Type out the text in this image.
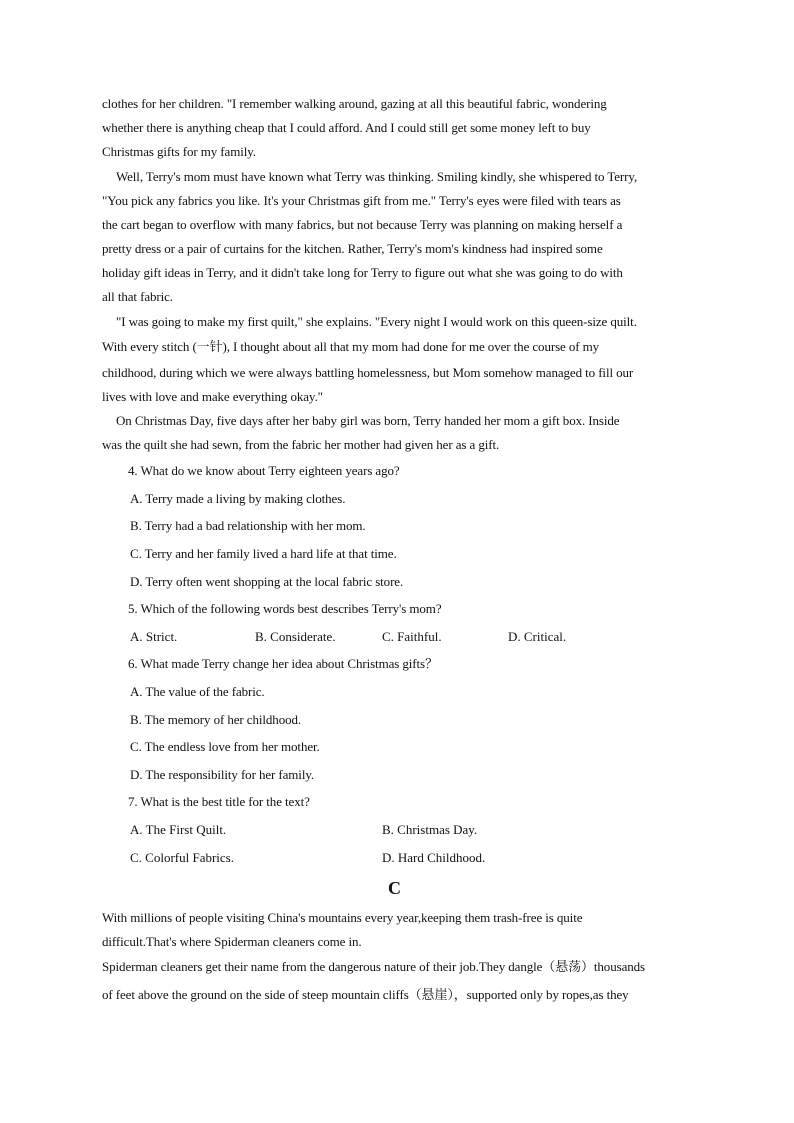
clothes for her children. "I remember walking around, gazing at all this beautiful fabric, wondering
whether there is anything cheap that I could afford. And I could still get some money left to buy
Christmas gifts for my family.
Well, Terry's mom must have known what Terry was thinking. Smiling kindly, she whispered to Terry,
"You pick any fabrics you like. It's your Christmas gift from me." Terry's eyes were filed with tears as
the cart began to overflow with many fabrics, but not because Terry was planning on making herself a
pretty dress or a pair of curtains for the kitchen. Rather, Terry's mom's kindness had inspired some
holiday gift ideas in Terry, and it didn't take long for Terry to figure out what she was going to do with
all that fabric.
"I was going to make my first quilt," she explains. "Every night I would work on this queen-size quilt.
With every stitch (一针), I thought about all that my mom had done for me over the course of my
childhood, during which we were always battling homelessness, but Mom somehow managed to fill our
lives with love and make everything okay."
On Christmas Day, five days after her baby girl was born, Terry handed her mom a gift box. Inside
was the quilt she had sewn, from the fabric her mother had given her as a gift.
4. What do we know about Terry eighteen years ago?
A. Terry made a living by making clothes.
B. Terry had a bad relationship with her mom.
C. Terry and her family lived a hard life at that time.
D. Terry often went shopping at the local fabric store.
5. Which of the following words best describes Terry's mom?
A. Strict.	B. Considerate.	C. Faithful.	D. Critical.
6. What made Terry change her idea about Christmas gifts？
A. The value of the fabric.
B. The memory of her childhood.
C. The endless love from her mother.
D. The responsibility for her family.
7. What is the best title for the text?
A. The First Quilt.	B. Christmas Day.
C. Colorful Fabrics.	D. Hard Childhood.
C
With millions of people visiting China's mountains every year,keeping them trash-free is quite
difficult.That's where Spiderman cleaners come in.
Spiderman cleaners get their name from the dangerous nature of their job.They dangle（悬荡）thousands
of feet above the ground on the side of steep mountain cliffs（悬崖），supported only by ropes,as they
